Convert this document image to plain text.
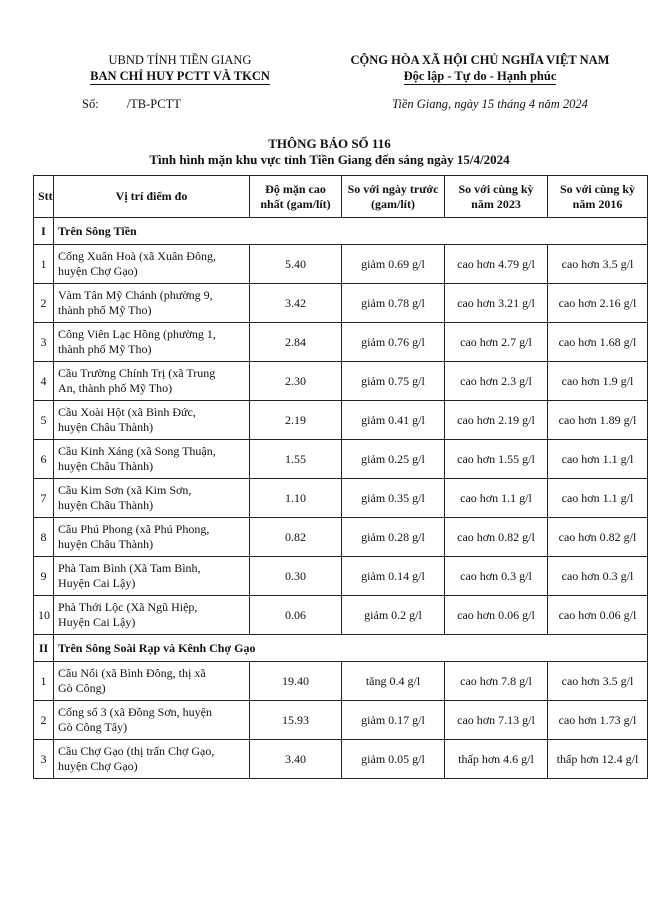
UBND TỈNH TIỀN GIANG
BAN CHỈ HUY PCTT VÀ TKCN
CỘNG HÒA XÃ HỘI CHỦ NGHĨA VIỆT NAM
Độc lập - Tự do - Hạnh phúc
Số: /TB-PCTT	Tiền Giang, ngày 15 tháng 4 năm 2024
THÔNG BÁO SỐ 116
Tình hình mặn khu vực tỉnh Tiền Giang đến sáng ngày 15/4/2024
Stt	Vị trí điểm đo	Độ mặn cao nhất (gam/lít)	So với ngày trước (gam/lít)	So với cùng kỳ năm 2023	So với cùng kỳ năm 2016
I	Trên Sông Tiền				
1	Cống Xuân Hoà (xã Xuân Đông,
huyện Chợ Gạo)	5.40	giảm 0.69 g/l	cao hơn 4.79 g/l	cao hơn 3.5 g/l
2	Vàm Tân Mỹ Chánh (phường 9,
thành phố Mỹ Tho)	3.42	giảm 0.78 g/l	cao hơn 3.21 g/l	cao hơn 2.16 g/l
3	Công Viên Lạc Hồng (phường 1,
thành phố Mỹ Tho)	2.84	giảm 0.76 g/l	cao hơn 2.7 g/l	cao hơn 1.68 g/l
4	Cầu Trường Chính Trị (xã Trung
An, thành phố Mỹ Tho)	2.30	giảm 0.75 g/l	cao hơn 2.3 g/l	cao hơn 1.9 g/l
5	Cầu Xoài Hột (xã Bình Đức,
huyện Châu Thành)	2.19	giảm 0.41 g/l	cao hơn 2.19 g/l	cao hơn 1.89 g/l
6	Cầu Kinh Xáng (xã Song Thuận,
huyện Châu Thành)	1.55	giảm 0.25 g/l	cao hơn 1.55 g/l	cao hơn 1.1 g/l
7	Cầu Kim Sơn (xã Kim Sơn,
huyện Châu Thành)	1.10	giảm 0.35 g/l	cao hơn 1.1 g/l	cao hơn 1.1 g/l
8	Cầu Phú Phong (xã Phú Phong,
huyện Châu Thành)	0.82	giảm 0.28 g/l	cao hơn 0.82 g/l	cao hơn 0.82 g/l
9	Phà Tam Bình (Xã Tam Bình,
Huyện Cai Lậy)	0.30	giảm 0.14 g/l	cao hơn 0.3 g/l	cao hơn 0.3 g/l
10	Phà Thới Lộc (Xã Ngũ Hiệp,
Huyện Cai Lậy)	0.06	giảm 0.2 g/l	cao hơn 0.06 g/l	cao hơn 0.06 g/l
II	Trên Sông Soài Rạp và Kênh Chợ Gạo				
1	Cầu Nổi (xã Bình Đông, thị xã
Gò Công)	19.40	tăng 0.4 g/l	cao hơn 7.8 g/l	cao hơn 3.5 g/l
2	Cống số 3 (xã Đồng Sơn, huyện
Gò Công Tây)	15.93	giảm 0.17 g/l	cao hơn 7.13 g/l	cao hơn 1.73 g/l
3	Cầu Chợ Gạo (thị trấn Chợ Gạo,
huyện Chợ Gạo)	3.40	giảm 0.05 g/l	thấp hơn 4.6 g/l	thấp hơn 12.4 g/l
